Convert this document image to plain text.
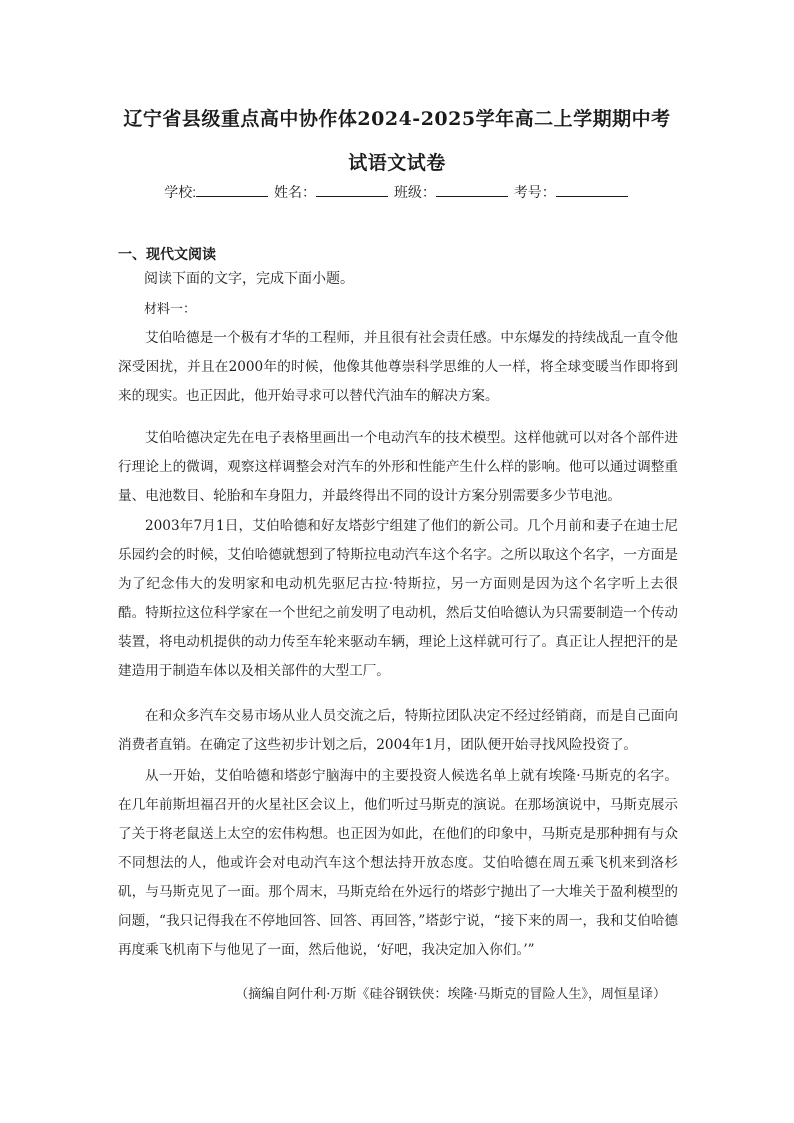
辽宁省县级重点高中协作体2024-2025学年高二上学期期中考
试语文试卷
学校:	姓名：	班级：	考号：
一、现代文阅读
阅读下面的文字，完成下面小题。
材料一：

艾伯哈德是一个极有才华的工程师，并且很有社会责任感。中东爆发的持续战乱一直令他深受困扰，并且在2000年的时候，他像其他尊崇科学思维的人一样，将全球变暖当作即将到来的现实。也正因此，他开始寻求可以替代汽油车的解决方案。

艾伯哈德决定先在电子表格里画出一个电动汽车的技术模型。这样他就可以对各个部件进行理论上的微调，观察这样调整会对汽车的外形和性能产生什么样的影响。他可以通过调整重量、电池数目、轮胎和车身阻力，并最终得出不同的设计方案分别需要多少节电池。

2003年7月1日，艾伯哈德和好友塔彭宁组建了他们的新公司。几个月前和妻子在迪士尼乐园约会的时候，艾伯哈德就想到了特斯拉电动汽车这个名字。之所以取这个名字，一方面是为了纪念伟大的发明家和电动机先驱尼古拉·特斯拉，另一方面则是因为这个名字听上去很酷。特斯拉这位科学家在一个世纪之前发明了电动机，然后艾伯哈德认为只需要制造一个传动装置，将电动机提供的动力传至车轮来驱动车辆，理论上这样就可行了。真正让人捏把汗的是建造用于制造车体以及相关部件的大型工厂。

在和众多汽车交易市场从业人员交流之后，特斯拉团队决定不经过经销商，而是自己面向消费者直销。在确定了这些初步计划之后，2004年1月，团队便开始寻找风险投资了。

从一开始，艾伯哈德和塔彭宁脑海中的主要投资人候选名单上就有埃隆·马斯克的名字。在几年前斯坦福召开的火星社区会议上，他们听过马斯克的演说。在那场演说中，马斯克展示了关于将老鼠送上太空的宏伟构想。也正因为如此，在他们的印象中，马斯克是那种拥有与众不同想法的人，他或许会对电动汽车这个想法持开放态度。艾伯哈德在周五乘飞机来到洛杉矶，与马斯克见了一面。那个周末，马斯克给在外远行的塔彭宁抛出了一大堆关于盈利模型的问题，“我只记得我在不停地回答、回答、再回答，”塔彭宁说，“接下来的周一，我和艾伯哈德再度乘飞机南下与他见了一面，然后他说，‘好吧，我决定加入你们。’”

（摘编自阿什利·万斯《硅谷钢铁侠：埃隆·马斯克的冒险人生》，周恒星译）
